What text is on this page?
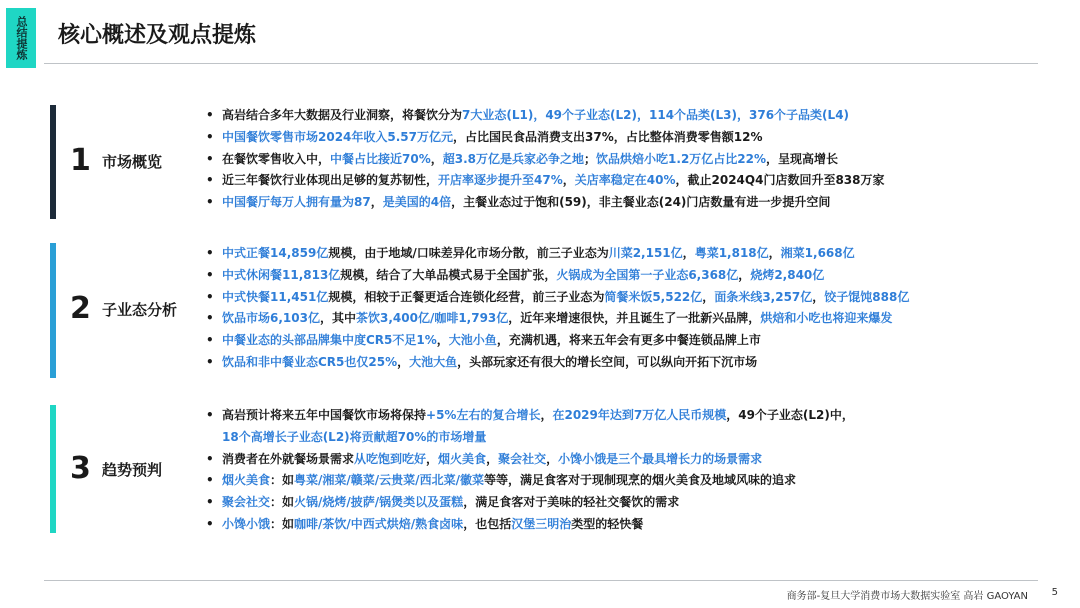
总结提炼 核心概述及观点提炼
1 市场概览
• 高岩结合多年大数据及行业洞察，将餐饮分为7大业态(L1)，49个子业态(L2)，114个品类(L3)，376个子品类(L4)
• 中国餐饮零售市场2024年收入5.57万亿元，占比国民食品消费支出37%，占比整体消费零售额12%
• 在餐饮零售收入中，中餐占比接近70%，超3.8万亿是兵家必争之地；饮品烘焙小吃1.2万亿占比22%，呈现高增长
• 近三年餐饮行业体现出足够的复苏韧性，开店率逐步提升至47%，关店率稳定在40%，截止2024Q4门店数回升至838万家
• 中国餐厅每万人拥有量为87，是美国的4倍，主餐业态过于饱和(59)，非主餐业态(24)门店数量有进一步提升空间
2 子业态分析
• 中式正餐14,859亿规模，由于地域/口味差异化市场分散，前三子业态为川菜2,151亿，粤菜1,818亿，湘菜1,668亿
• 中式休闲餐11,813亿规模，结合了大单品模式易于全国扩张，火锅成为全国第一子业态6,368亿，烧烤2,840亿
• 中式快餐11,451亿规模，相较于正餐更适合连锁化经营，前三子业态为简餐米饭5,522亿，面条米线3,257亿，饺子馄饨888亿
• 饮品市场6,103亿，其中茶饮3,400亿/咖啡1,793亿，近年来增速很快，并且诞生了一批新兴品牌，烘焙和小吃也将迎来爆发
• 中餐业态的头部品牌集中度CR5不足1%，大池小鱼，充满机遇，将来五年会有更多中餐连锁品牌上市
• 饮品和非中餐业态CR5也仅25%，大池大鱼，头部玩家还有很大的增长空间，可以纵向开拓下沉市场
3 趋势预判
• 高岩预计将来五年中国餐饮市场将保持+5%左右的复合增长，在2029年达到7万亿人民币规模，49个子业态(L2)中，
18个高增长子业态(L2)将贡献超70%的市场增量
• 消费者在外就餐场景需求从吃饱到吃好，烟火美食，聚会社交，小馋小饿是三个最具增长力的场景需求
• 烟火美食：如粤菜/湘菜/赣菜/云贵菜/西北菜/徽菜等等，满足食客对于现制现烹的烟火美食及地域风味的追求
• 聚会社交：如火锅/烧烤/披萨/锅煲类以及蛋糕，满足食客对于美味的轻社交餐饮的需求
• 小馋小饿：如咖啡/茶饮/中西式烘焙/熟食卤味，也包括汉堡三明治类型的轻快餐
商务部-复旦大学消费市场大数据实验室 高岩 GAOYAN 5
